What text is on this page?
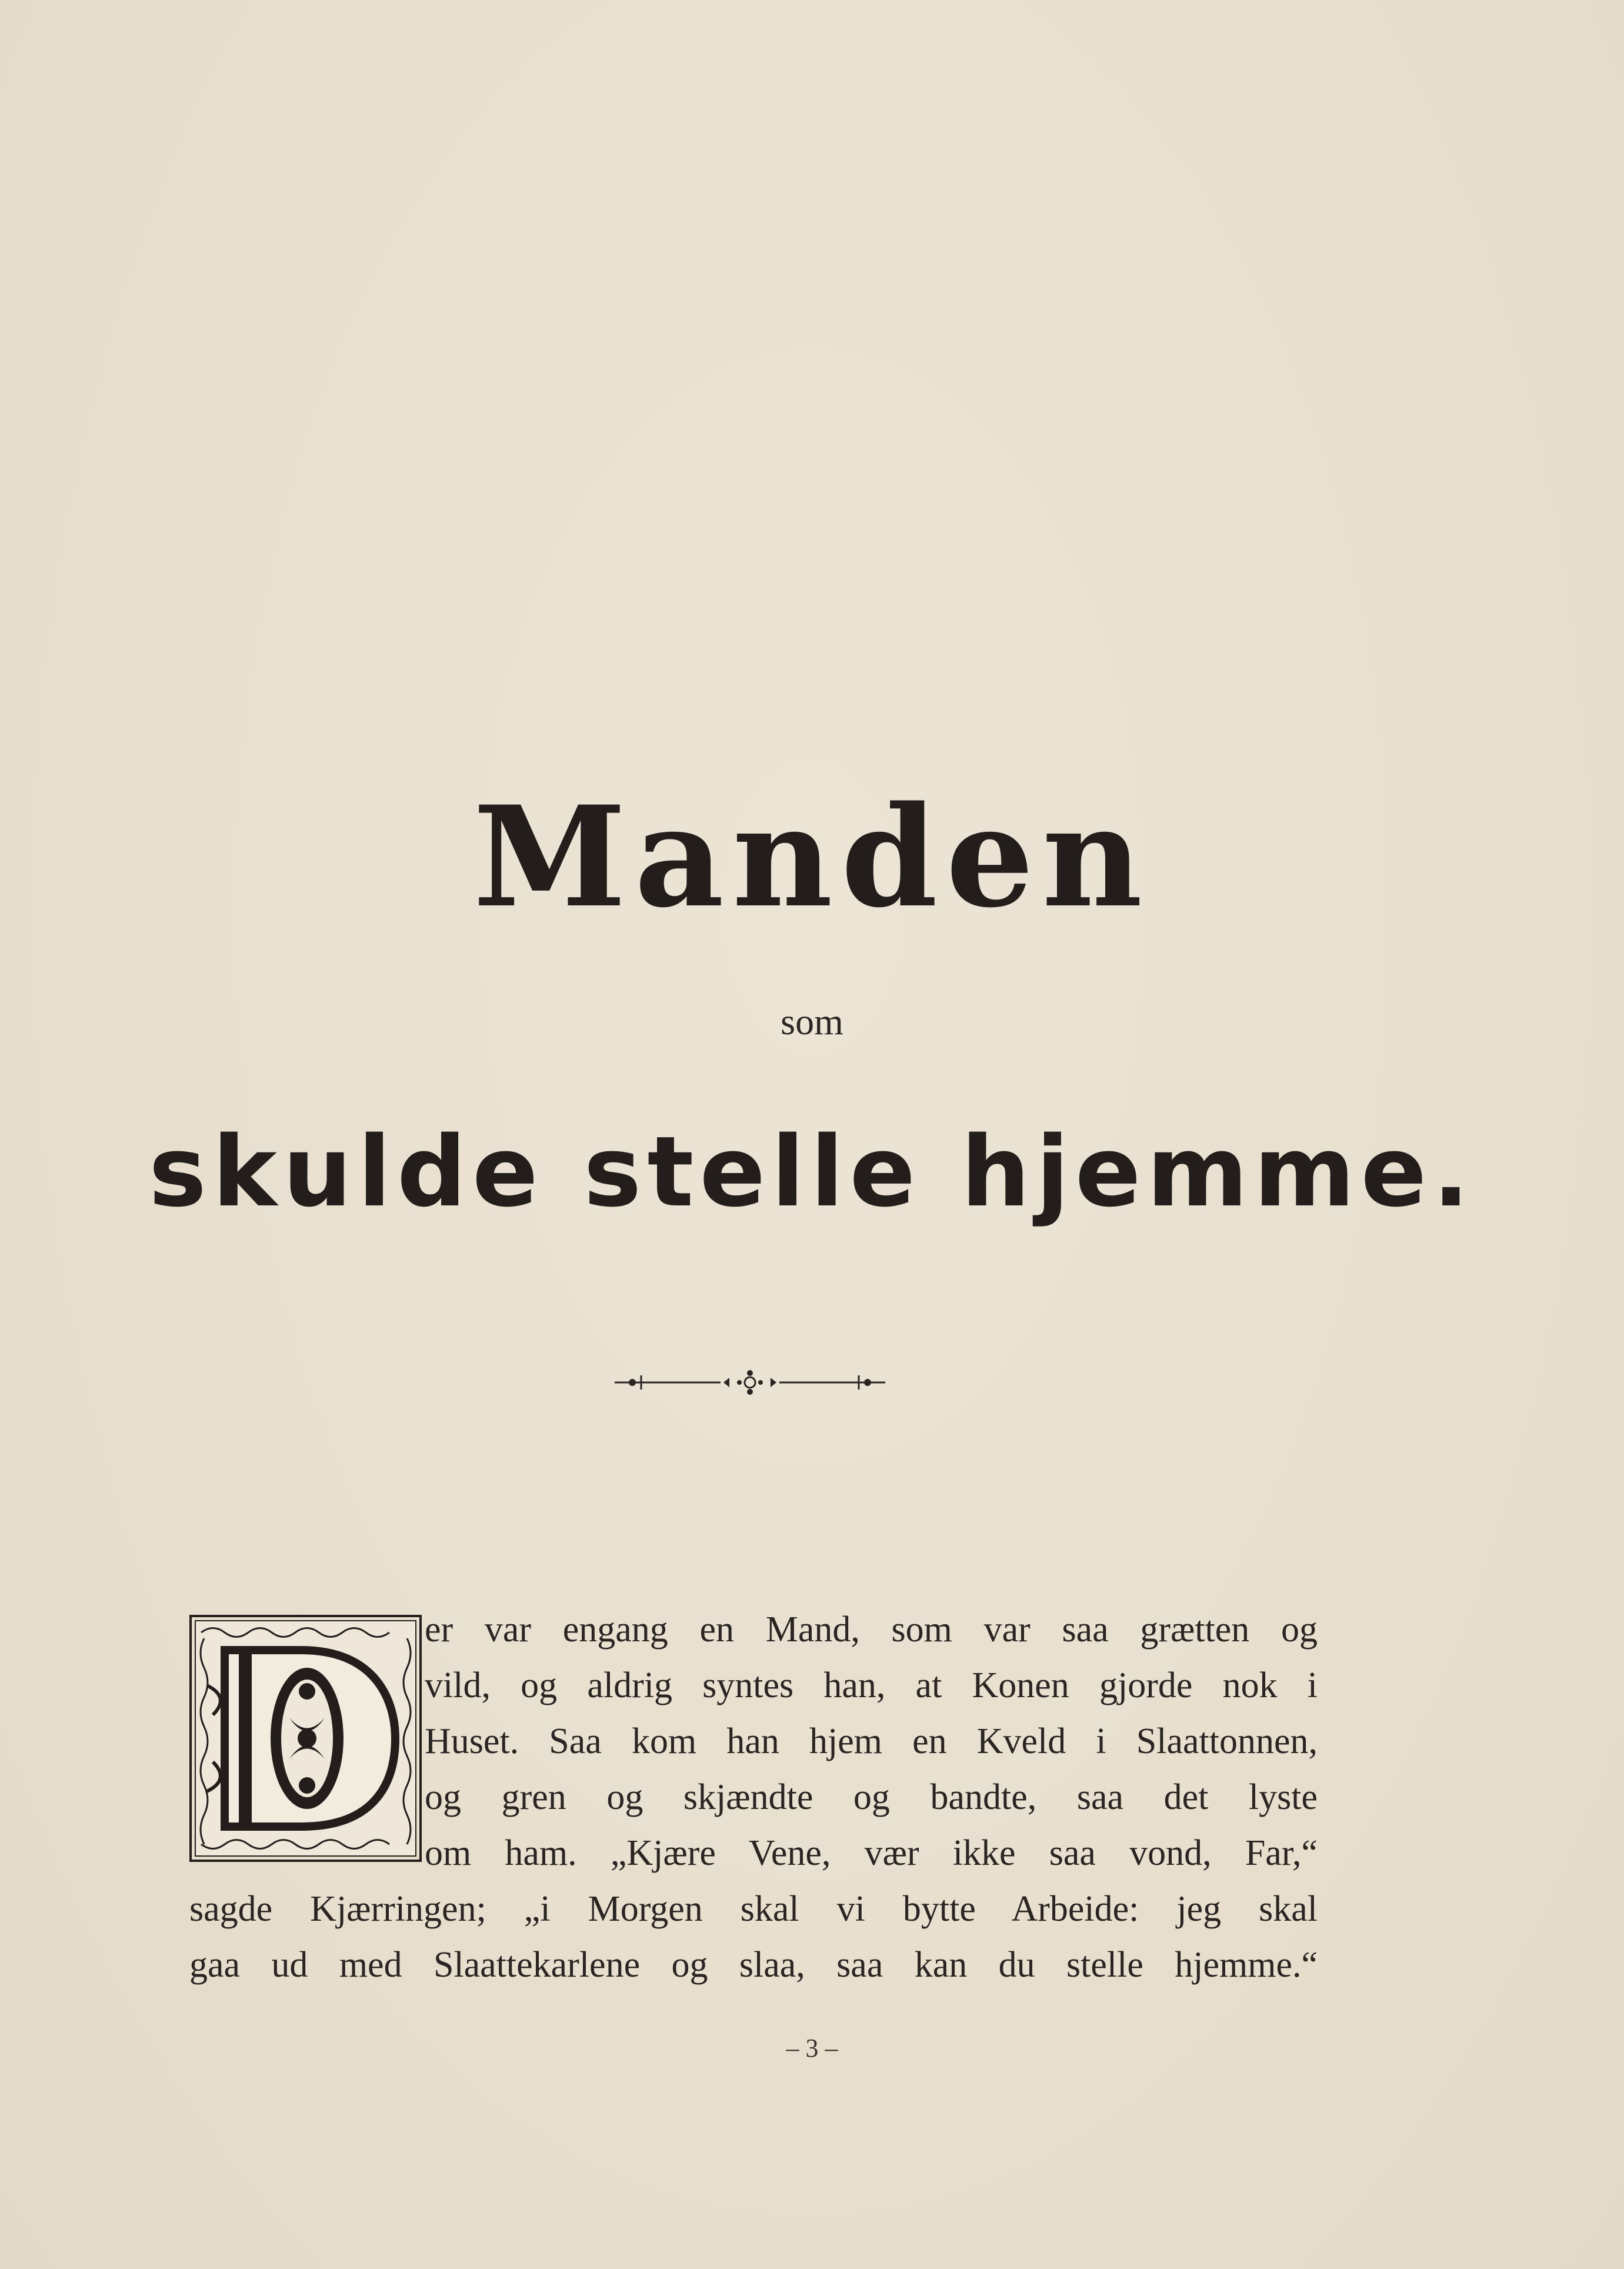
Manden
som
skulde stelle hjemme.
er var engang en Mand, som var saa grætten og
vild, og aldrig syntes han, at Konen gjorde nok i
Huset. Saa kom han hjem en Kveld i Slaattonnen,
og gren og skjændte og bandte, saa det lyste
om ham. „Kjære Vene, vær ikke saa vond, Far,“
sagde Kjærringen; „i Morgen skal vi bytte Arbeide: jeg skal
gaa ud med Slaattekarlene og slaa, saa kan du stelle hjemme.“
– 3 –
